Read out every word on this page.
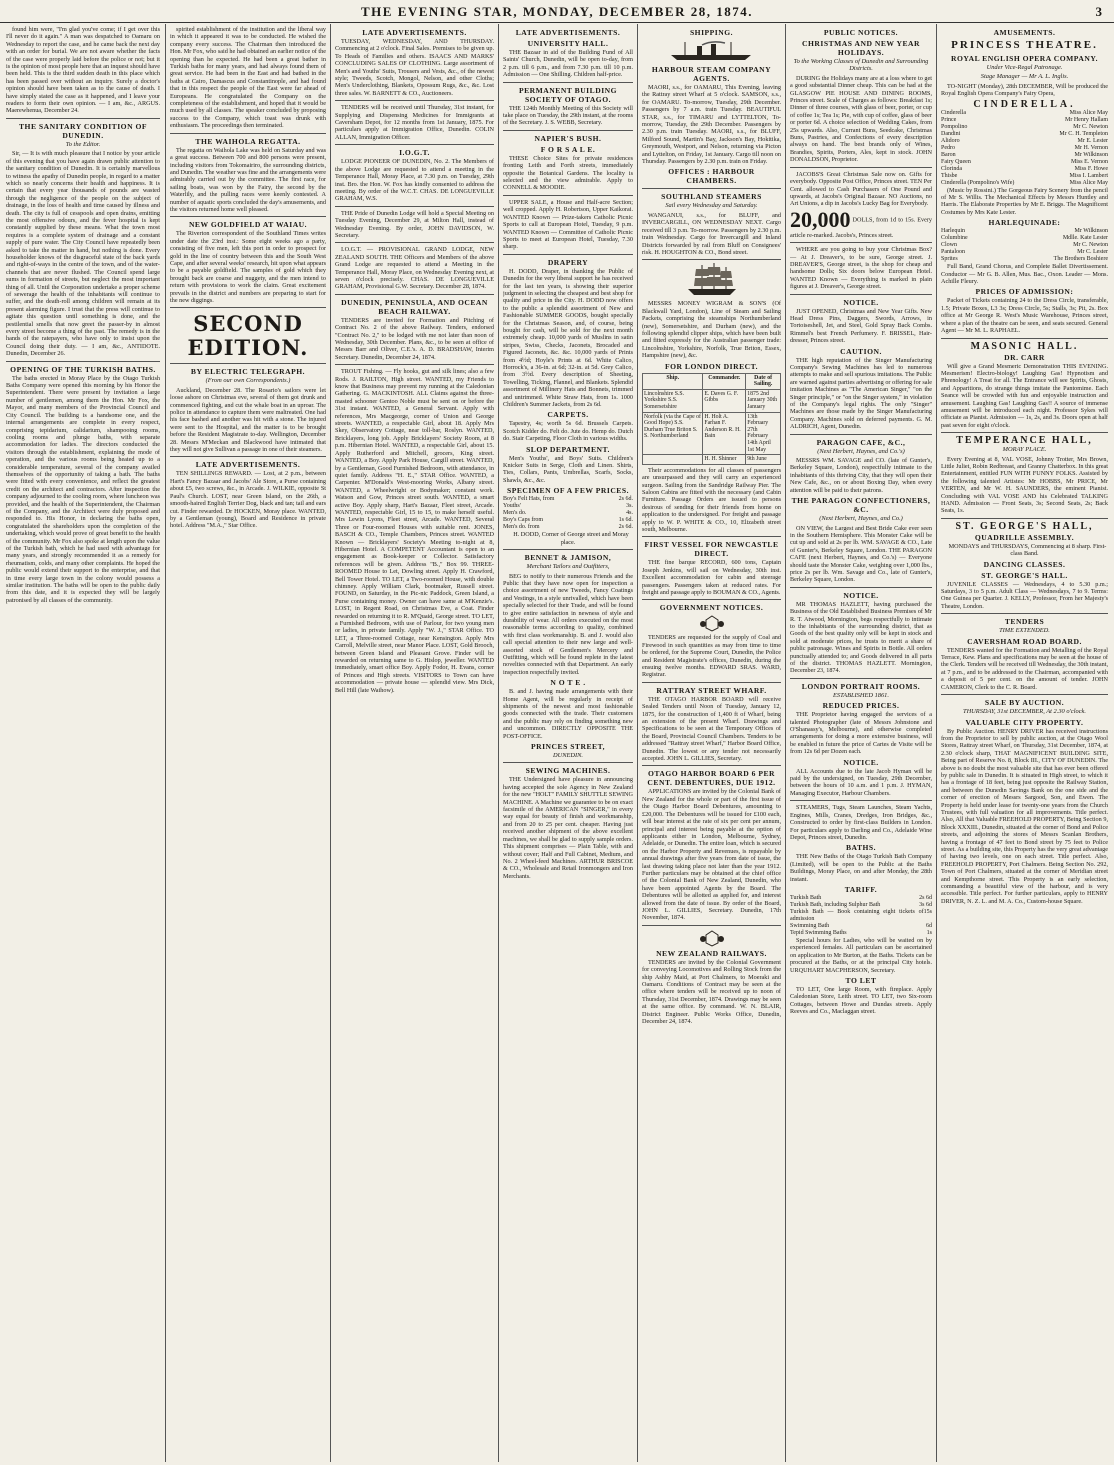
THE EVENING STAR, MONDAY, DECEMBER 28, 1874.	3

found him were, "I'm glad you've come; if I get over this I'll never do it again." A man was despatched to Oamaru on Wednesday to report the case, and he came back the next day with an order for burial. We are not aware whether the facts of the case were properly laid before the police or not; but it is the opinion of most people here that an inquest should have been held. This is the third sudden death in this place which has been passed over without an inquiry. Surely a doctor's opinion should have been taken as to the cause of death. I have simply stated the case as it happened, and I leave your readers to form their own opinion. — I am, &c., ARGUS. Maerewhenua, December 24.

THE SANITARY CONDITION OF DUNEDIN.
To the Editor.

Sir, — It is with much pleasure that I notice by your article of this evening that you have again drawn public attention to the sanitary condition of Dunedin. It is certainly marvellous to witness the apathy of Dunedin people, in regard to a matter which so nearly concerns their health and happiness. It is certain that every year thousands of pounds are wasted through the negligence of the people on the subject of drainage, in the loss of health and time caused by illness and death. The city is full of cesspools and open drains, emitting the most offensive odours, and the fever hospital is kept constantly supplied by these means. What the town most requires is a complete system of drainage and a constant supply of pure water. The City Council have repeatedly been asked to take the matter in hand, but nothing is done. Every householder knows of the disgraceful state of the back yards and right-of-ways in the centre of the town, and of the water-channels that are never flushed. The Council spend large sums in formation of streets, but neglect the most important thing of all. Until the Corporation undertake a proper scheme of sewerage the health of the inhabitants will continue to suffer, and the death-roll among children will remain at its present alarming figure. I trust that the press will continue to agitate this question until something is done, and the pestilential smells that now greet the passer-by in almost every street become a thing of the past. The remedy is in the hands of the ratepayers, who have only to insist upon the Council doing their duty. — I am, &c., ANTIDOTE. Dunedin, December 26.

OPENING OF THE TURKISH BATHS.

The baths erected in Moray Place by the Otago Turkish Baths Company were opened this morning by his Honor the Superintendent. There were present by invitation a large number of gentlemen, among them the Hon. Mr Fox, the Mayor, and many members of the Provincial Council and City Council. The building is a handsome one, and the internal arrangements are complete in every respect, comprising tepidarium, calidarium, shampooing rooms, cooling rooms and plunge baths, with separate accommodation for ladies. The directors conducted the visitors through the establishment, explaining the mode of operation, and the various rooms being heated up to a considerable temperature, several of the company availed themselves of the opportunity of taking a bath. The baths were fitted with every convenience, and reflect the greatest credit on the architect and contractors. After inspection the company adjourned to the cooling room, where luncheon was provided, and the health of the Superintendent, the Chairman of the Company, and the Architect were duly proposed and responded to. His Honor, in declaring the baths open, congratulated the shareholders upon the completion of the undertaking, which would prove of great benefit to the health of the community. Mr Fox also spoke at length upon the value of the Turkish bath, which he had used with advantage for many years, and strongly recommended it as a remedy for rheumatism, colds, and many other complaints. He hoped the public would extend their support to the enterprise, and that in time every large town in the colony would possess a similar institution. The baths will be open to the public daily from this date, and it is expected they will be largely patronised by all classes of the community.

spirited establishment of the institution and the liberal way in which it appeared it was to be conducted. He wished the company every success. The Chairman then introduced the Hon. Mr Fox, who said he had obtained an earlier notice of the opening than he expected. He had been a great bather in Turkish baths for many years, and had always found them of great service. He had been in the East and had bathed in the baths at Cairo, Damascus and Constantinople, and had found that in this respect the people of the East were far ahead of Europeans. He congratulated the Company on the completeness of the establishment, and hoped that it would be much used by all classes. The speaker concluded by proposing success to the Company, which toast was drunk with enthusiasm. The proceedings then terminated.

THE WAIHOLA REGATTA.

The regatta on Waihola Lake was held on Saturday and was a great success. Between 700 and 800 persons were present, including visitors from Tokomairiro, the surrounding districts, and Dunedin. The weather was fine and the arrangements were admirably carried out by the committee. The first race, for sailing boats, was won by the Fairy, the second by the Waterlily, and the pulling races were keenly contested. A number of aquatic sports concluded the day's amusements, and the visitors returned home well pleased.

NEW GOLDFIELD AT WAIAU.

The Riverton correspondent of the Southland Times writes under date the 23rd inst.: Some eight weeks ago a party, consisting of five men, left this port in order to prospect for gold in the line of country between this and the South West Cape, and after several weeks' research, hit upon what appears to be a payable goldfield. The samples of gold which they brought back are coarse and nuggety, and the men intend to return with provisions to work the claim. Great excitement prevails in the district and numbers are preparing to start for the new diggings.

SECOND EDITION.
BY ELECTRIC TELEGRAPH.
(From our own Correspondents.)

Auckland, December 28. The Rosario's sailors were let loose ashore on Christmas eve, several of them got drunk and commenced fighting, and cut the whale boat in an uproar. The police in attendance to capture them were maltreated. One had his face bashed and another was hit with a stone. The injured were sent to the Hospital, and the matter is to be brought before the Resident Magistrate to-day. Wellington, December 28. Messrs M'Meckan and Blackwood have intimated that they will not give Sullivan a passage in one of their steamers.

LATE ADVERTISEMENTS.

TEN SHILLINGS REWARD. — Lost, at 2 p.m., between Hart's Fancy Bazaar and Jacobs' Ale Store, a Purse containing about £5, two screws, &c., in Arcade. J. WILKIE, opposite St Paul's Church. LOST, near Green Island, on the 26th, a smooth-haired English Terrier Dog, black and tan; tail and ears cut. Finder rewarded. Dr HOCKEN, Moray place. WANTED, by a Gentleman (young), Board and Residence in private hotel. Address "M.A.," Star Office.

LATE ADVERTISEMENTS.

TUESDAY, WEDNESDAY, AND THURSDAY. Commencing at 2 o'clock. Final Sales. Premises to be given up. To Heads of Families and others. ISAACS AND MARKS' CONCLUDING SALES OF CLOTHING. Large assortment of Men's and Youths' Suits, Trousers and Vests, &c., of the newest style; Tweeds, Scotch, Mongol, Nelson, and other Cloths; Men's Underclothing, Blankets, Opossum Rugs, &c., &c. Lost three sales. W. BARNETT & CO., Auctioneers.

TENDERS will be received until Thursday, 31st instant, for Supplying and Dispensing Medicines for Immigrants at Caversham Depot, for 12 months from 1st January, 1875. For particulars apply at Immigration Office, Dunedin. COLIN ALLAN, Immigration Officer.

I.O.G.T.

LODGE PIONEER OF DUNEDIN, No. 2. The Members of the above Lodge are requested to attend a meeting in the Temperance Hall, Moray Place, at 7.30 p.m. on Tuesday, 29th inst. Bro. the Hon. W. Fox has kindly consented to address the meeting. By order of the W.C.T. CHAS. DE LONGUEVILLE GRAHAM, W.S.

THE Pride of Dunedin Lodge will hold a Special Meeting on Tuesday Evening, December 29, at Milton Hall, instead of Wednesday Evening. By order, JOHN DAVIDSON, W. Secretary.

I.O.G.T. — PROVISIONAL GRAND LODGE, NEW ZEALAND SOUTH. THE Officers and Members of the above Grand Lodge are requested to attend a Meeting in the Temperance Hall, Moray Place, on Wednesday Evening next, at seven o'clock precisely. CHAS. DE LONGUEVILLE GRAHAM, Provisional G.W. Secretary. December 28, 1874.

DUNEDIN, PENINSULA, AND OCEAN BEACH RAILWAY.

TENDERS are invited for Formation and Pitching of Contract No. 2 of the above Railway. Tenders, endorsed "Contract No. 2," to be lodged with me not later than noon of Wednesday, 30th December. Plans, &c., to be seen at office of Messrs Barr and Oliver, C.E.'s. A. D. BRADSHAW, Interim Secretary. Dunedin, December 24, 1874.

TROUT Fishing. — Fly hooks, gut and silk lines; also a few Rods. J. RAILTON, High street. WANTED, my Friends to know that Business may prevent my running at the Caledonian Gathering. G. MACKINTOSH. ALL Claims against the three-masted schooner Gentoo Noble must be sent on or before the 31st instant. WANTED, a General Servant. Apply with references, Mrs Macgeorge, corner of Union and George streets. WANTED, a respectable Girl, about 18. Apply Mrs Skey, Observatory Cottage, near toll-bar, Roslyn. WANTED, Bricklayers, long job. Apply Bricklayers' Society Room, at 8 p.m. Hibernian Hotel. WANTED, a respectable Girl, about 15. Apply Rutherford and Mitchell, grocers, King street. WANTED, a Boy. Apply Park House, Cargill street. WANTED, by a Gentleman, Good Furnished Bedroom, with attendance, in quiet family. Address "H. E.," STAR Office. WANTED, a Carpenter. M'Donald's West-mooring Works, Albany street. WANTED, a Wheelwright or Bodymaker; constant work. Watson and Gow, Princes street south. WANTED, a smart active Boy. Apply sharp, Hart's Bazaar, Fleet street, Arcade. WANTED, respectable Girl, 15 to 15, to make herself useful. Mrs Lewin Lyons, Fleet street, Arcade. WANTED, Several Three or Four-roomed Houses with suitable rent. JONES, BASCH & CO., Temple Chambers, Princes street. WANTED Known — Bricklayers' Society's Meeting to-night at 8, Hibernian Hotel. A COMPETENT Accountant is open to an engagement as Book-keeper or Collector. Satisfactory references will be given. Address "B.," Box 99. THREE-ROOMED House to Let, Dowling street. Apply H. Crawford, Bell Tower Hotel. TO LET, a Two-roomed House, with double chimney. Apply William Clark, bootmaker, Russell street. FOUND, on Saturday, in the Pic-nic Paddock, Green Island, a Purse containing money. Owner can have same at M'Kenzie's. LOST, in Regent Road, on Christmas Eve, a Coat. Finder rewarded on returning it to R. M'Quaid, George street. TO LET, a Furnished Bedroom, with use of Parlour, for two young men or ladies, in private family. Apply "W. J.," STAR Office. TO LET, a Three-roomed Cottage, near Kensington. Apply Mrs Carroll, Melville street, near Manor Place. LOST, Gold Brooch, between Green Island and Pleasant Grove. Finder will be rewarded on returning same to G. Hislop, jeweller. WANTED immediately, smart office Boy. Apply Fodor, H. Evans, corner of Princes and High streets. VISITORS to Town can have accommodation — private house — splendid view. Mrs Dick, Bell Hill (late Waihow).

LATE ADVERTISEMENTS.
UNIVERSITY HALL.

THE Bazaar in aid of the Building Fund of All Saints' Church, Dunedin, will be open to-day, from 2 p.m. till 6 p.m., and from 7.30 p.m. till 10 p.m. Admission — One Shilling. Children half-price.

PERMANENT BUILDING SOCIETY OF OTAGO.

THE 124th Monthly Meeting of this Society will take place on Tuesday, the 29th instant, at the rooms of the Secretary. J. S. WEBB, Secretary.

NAPIER'S BUSH.
F O R S A L E.

THESE Choice Sites for private residences fronting Leith and Forth streets, immediately opposite the Botanical Gardens. The locality is selected and the view admirable. Apply to CONNELL & MOODIE.

UPPER SALE, a House and Half-acre Section; well cropped. Apply H. Robertson, Upper Kaikorai. WANTED Known — Prize-takers Catholic Picnic Sports to call at European Hotel, Tuesday, 9 p.m. WANTED Known — Committee of Catholic Picnic Sports to meet at European Hotel, Tuesday, 7.30 sharp.

DRAPERY

H. DODD, Draper, in thanking the Public of Dunedin for the very liberal support he has received for the last ten years, is showing their superior judgment in selecting the cheapest and best shop for quality and price in the City. H. DODD now offers to the public a splendid assortment of New and Fashionable SUMMER GOODS, bought specially for the Christmas Season, and, of course, being bought for cash, will be sold for the next month extremely cheap. 10,000 yards of Muslins in satin stripes, Swiss, Checks, Jaconets, Brocaded and Figured Jaconets, &c. &c. 10,000 yards of Prints from 4½d; Hoyle's Prints at 6d. White Calico, Horrock's, a 36-in. at 6d; 32-in. at 5d. Grey Calico, from 3½d. Every description of Sheeting, Towelling, Ticking, Flannel, and Blankets. Splendid assortment of Millinery Hats and Bonnets, trimmed and untrimmed. White Straw Hats, from 1s. 1000 Children's Summer Jackets, from 2s 6d.

CARPETS.

Tapestry, 4s; worth 5s 6d. Brussels Carpets. Scotch Kidder do. Felt do. Jute do. Hemp do. Dutch do. Stair Carpeting, Floor Cloth in various widths.

SLOP DEPARTMENT.

Men's Youths', and Boys' Suits. Children's Knicker Suits in Serge, Cloth and Linen. Shirts, Ties, Collars, Pants, Umbrellas, Scarfs, Socks, Shawls, &c., &c.

SPECIMEN OF A FEW PRICES.
Boy's Felt Hats, from	2s 6d.
Youths'	3s.
Men's do.	4s.
Boy's Caps from	1s 6d.
Men's do. from	2s 6d.

H. DODD, Corner of George street and Moray place.

BENNET & JAMISON,
Merchant Tailors and Outfitters,

BEG to notify to their numerous Friends and the Public that they have now open for inspection a choice assortment of new Tweeds, Fancy Coatings and Vestings, in a style unrivalled, which have been specially selected for their Trade, and will be found to give entire satisfaction in newness of style and durability of wear. All orders executed on the most reasonable terms according to quality, combined with first class workmanship. B. and J. would also call special attention to their new large and well-assorted stock of Gentlemen's Mercery and Outfitting, which will be found replete in the latest novelties connected with that Department. An early inspection respectfully invited.

N O T E .

B. and J. having made arrangements with their Home Agent, will be regularly in receipt of shipments of the newest and most fashionable goods connected with the trade. Their customers and the public may rely on finding something new and uncommon. DIRECTLY OPPOSITE THE POST-OFFICE.

PRINCES STREET,
DUNEDIN.
SEWING MACHINES.

THE Undersigned have pleasure in announcing having accepted the sole Agency in New Zealand for the new "HOLT" FAMILY SHUTTLE SEWING MACHINE. A Machine we guarantee to be on exact facsimile of the AMERICAN "SINGER," in every way equal for beauty of finish and workmanship, and from 20 to 25 per cent. cheaper. Having just received another shipment of the above excellent machines, we shall be glad to supply sample orders. This shipment comprises — Plain Table, with and without cover; Half and Full Cabinet, Medium, and No. 2 Wheel-feed Machines. ARTHUR BRISCOE & CO., Wholesale and Retail Ironmongers and Iron Merchants.

SHIPPING.
HARBOUR STEAM COMPANY AGENTS.

MAORI, s.s., for OAMARU, This Evening, leaving the Rattray street Wharf at 5 o'clock. SAMSON, s.s., for OAMARU. To-morrow, Tuesday, 29th December. Passengers by 7 a.m. train Tuesday. BEAUTIFUL STAR, s.s., for TIMARU and LYTTELTON, To-morrow, Tuesday, the 29th December. Passengers by 2.30 p.m. train Tuesday. MAORI, s.s., for BLUFF, Milford Sound, Martin's Bay, Jackson's Bay, Hokitika, Greymouth, Westport, and Nelson, returning via Picton and Lyttelton, on Friday, 1st January. Cargo till noon on Thursday. Passengers by 2.30 p.m. train on Friday.

OFFICES : HARBOUR CHAMBERS.
SOUTHLAND STEAMERS
Sail every Wednesday and Saturday.

WANGANUI, s.s., for BLUFF, and INVERCARGILL, ON WEDNESDAY NEXT. Cargo received till 3 p.m. To-morrow. Passengers by 2.30 p.m. train Wednesday. Cargo for Invercargill and Inland Districts forwarded by rail from Bluff on Consignees' risk. H. HOUGHTON & CO., Bond street.

MESSRS MONEY WIGRAM & SON'S (Of Blackwall Yard, London), Line of Steam and Sailing Packets, comprising the steamships Northumberland (new), Somersetshire, and Durham (new), and the following splendid clipper ships, which have been built and fitted expressly for the Australian passenger trade: Lincolnshire, Yorkshire, Norfolk, True Briton, Essex, Hampshire (new), &c.

FOR LONDON DIRECT.
Ship.	Commander.	Date of Sailing.
Lincolnshire S.S. Yorkshire S.S. Somersetshire	E. Daves G. F. Gibbs	1875 2nd January 30th January
Norfolk (via the Cape of Good Hope) S.S. Durham True Briton S. S. Northumberland	H. Holt A. Farhan F. Anderson R. H. Bain	13th February 27th February 14th April 1st May
	H. H. Shinner	9th June

Their accommodations for all classes of passengers are unsurpassed and they will carry an experienced surgeon. Sailing from the Sandridge Railway Pier. The Saloon Cabins are fitted with the necessary (and Cabin Furniture. Passage Orders are issued to persons desirous of sending for their friends from home on application to the undersigned. For freight and passage apply to W. P. WHITE & CO., 10, Elizabeth street south, Melbourne.

FIRST VESSEL FOR NEWCASTLE DIRECT.

THE fine barque RECORD, 600 tons, Captain Joseph Jenkins, will sail on Wednesday, 30th inst. Excellent accommodation for cabin and steerage passengers. Passengers taken at reduced rates. For freight and passage apply to BOUMAN & CO., Agents.

GOVERNMENT NOTICES.

TENDERS are requested for the supply of Coal and Firewood in such quantities as may from time to time be ordered, for the Supreme Court, Dunedin, the Police and Resident Magistrate's offices, Dunedin, during the ensuing twelve months. EDWARD SRAS. WARD, Registrar.

RATTRAY STREET WHARF.

THE OTAGO HARBOR BOARD will receive Sealed Tenders until Noon of Tuesday, January 12, 1875, for the construction of 1,400 ft of Wharf, being an extension of the present Wharf. Drawings and Specifications to be seen at the Temporary Offices of the Board, Provincial Council Chambers. Tenders to be addressed "Rattray street Wharf," Harbor Board Office, Dunedin. The lowest or any tender not necessarily accepted. JOHN L. GILLIES, Secretary.

OTAGO HARBOR BOARD 6 PER CENT. DEBENTURES, DUE 1912.

APPLICATIONS are invited by the Colonial Bank of New Zealand for the whole or part of the first issue of the Otago Harbor Board Debentures, amounting to £20,000. The Debentures will be issued for £100 each, will bear interest at the rate of six per cent per annum, principal and interest being payable at the option of applicants either in London, Melbourne, Sydney, Adelaide, or Dunedin. The entire loan, which is secured on the Harbor Property and Revenues, is repayable by annual drawings after five years from date of issue, the last drawing taking place not later than the year 1912. Further particulars may be obtained at the chief office of the Colonial Bank of New Zealand, Dunedin, who have been appointed Agents by the Board. The Debentures will be allotted as applied for, and interest allowed from the date of issue. By order of the Board, JOHN L. GILLIES, Secretary. Dunedin, 17th November, 1874.

NEW ZEALAND RAILWAYS.

TENDERS are invited by the Colonial Government for conveying Locomotives and Rolling Stock from the ship Ashby Maid, at Port Chalmers, to Moeraki and Oamaru. Conditions of Contract may be seen at the office where tenders will be received up to noon of Thursday, 31st December, 1874. Drawings may be seen at the same office. By command. W. N. BLAIR, District Engineer. Public Works Office, Dunedin, December 24, 1874.

PUBLIC NOTICES.
CHRISTMAS AND NEW YEAR HOLIDAYS.
To the Working Classes of Dunedin and Surrounding Districts.

DURING the Holidays many are at a loss where to get a good substantial Dinner cheap. This can be had at the GLASGOW PIE HOUSE AND DINING ROOMS, Princes street. Scale of Charges as follows: Breakfast 1s; Dinner of three courses, with glass of beer, porter, or cup of coffee 1s; Tea 1s; Pie, with cup of coffee, glass of beer or porter 6d. A choice selection of Wedding Cakes, from 25s upwards. Also, Currant Buns, Seedcake, Christmas Buns, Pastries, and Confections of every description always on hand. The best brands only of Wines, Brandies, Spirits, Porters, Ales, kept in stock. JOHN DONALDSON, Proprietor.

JACOBS'S Great Christmas Sale now on. Gifts for everybody. Opposite Post Office, Princes street. TEN Per Cent. allowed to Cash Purchasers of One Pound and upwards, at Jacobs's Original Bazaar. NO Auctions, no Art Unions, a dip in Jacobs's Lucky Bag for Everybody.

20,000 DOLLS, from 1d to 15s. Every article re-marked. Jacobs's, Princes street.

WHERE are you going to buy your Christmas Box? — At J. Dreaver's, to be sure, George street. J. DREAVER'S, George street, is the shop for cheap and handsome Dolls; Six doors below European Hotel. WANTED Known — Everything is marked in plain figures at J. Dreaver's, George street.

NOTICE.

JUST OPENED, Christmas and New Year Gifts. New Head Dress Pins, Daggers, Swords, Arrows, in Tortoiseshell, Jet, and Steel, Gold Spray Back Combs. Rimmel's best French Perfumery. F. BRISSEL, Hair-dresser, Princes street.

CAUTION.

THE high reputation of the Singer Manufacturing Company's Sewing Machines has led to numerous attempts to make and sell spurious imitations. The Public are warned against parties advertising or offering for sale imitation Machines as "The American Singer," "on the Singer principle," or "on the Singer system," in violation of the Company's legal rights. The only "Singer" Machines are those made by the Singer Manufacturing Company. Machines sold on deferred payments. G. M. ALDRICH, Agent, Dunedin.

PARAGON CAFE, &C.,
(Next Herbert, Haynes, and Co.'s)

MESSRS WM. SAVAGE and CO. (late of Gunter's, Berkeley Square, London), respectfully intimate to the inhabitants of this thriving City, that they will open their New Cafe, &c., on or about Boxing Day, when every attention will be paid to their patrons.

THE PARAGON CONFECTIONERS, &C.
(Next Herbert, Haynes, and Co.)

ON VIEW, the Largest and Best Bride Cake ever seen in the Southern Hemisphere. This Monster Cake will be cut up and sold at 2s per lb. WM. SAVAGE & CO., Late of Gunter's, Berkeley Square, London. THE PARAGON CAFE (next Herbert, Haynes, and Co.'s) — Everyone should taste the Monster Cake, weighing over 1,000 lbs., price 2s per lb. Wm. Savage and Co., late of Gunter's, Berkeley Square, London.

NOTICE.

MR THOMAS HAZLETT, having purchased the Business of the Old Established Business Premises of Mr R. T. Atwood, Mornington, begs respectfully to intimate to the inhabitants of the surrounding district, that as Goods of the best quality only will be kept in stock and sold at moderate prices, he trusts to merit a share of public patronage. Wines and Spirits in Bottle. All orders punctually attended to; and Goods delivered in all parts of the district. THOMAS HAZLETT. Mornington, December 23, 1874.

LONDON PORTRAIT ROOMS.
ESTABLISHED 1861.
REDUCED PRICES.

THE Proprietor having engaged the services of a talented Photographer (late of Messrs Johnstone and O'Shanassy's, Melbourne), and otherwise completed arrangements for doing a more extensive business, will be enabled in future the price of Cartes de Visite will be from 12s 6d per Dozen each.

NOTICE.

ALL Accounts due to the late Jacob Hyman will be paid by the undersigned, on Tuesday, 29th December, between the hours of 10 a.m. and 1 p.m. J. HYMAN, Managing Executor, Harbour Chambers.

STEAMERS, Tugs, Steam Launches, Steam Yachts, Engines, Mills, Cranes, Dredges, Iron Bridges, &c., Constructed to order by first-class Builders in London. For particulars apply to Darling and Co., Adelaide Wine Depot, Princes street, Dunedin.

BATHS.

THE New Baths of the Otago Turkish Bath Company (Limited), will be open to the Public at the Baths Buildings, Moray Place, on and after Monday, the 28th instant.

TARIFF.
Turkish Bath	2s 6d
Turkish Bath, including Sulphur Bath	3s 6d
Turkish Bath — Book containing eight tickets of admission
15s
Swimming Bath	6d
Tepid Swimming Baths	1s

Special hours for Ladies, who will be waited on by experienced females. All particulars can be ascertained on application to Mr Burton, at the Baths. Tickets can be procured at the Baths, or at the principal City hotels. URQUHART MACPHERSON, Secretary.

TO LET

TO LET, One large Room, with fireplace. Apply Caledonian Store, Leith street. TO LET, two Six-room Cottages, between Howe and Dundas streets. Apply Reeves and Co., Maclaggan street.

AMUSEMENTS.
PRINCESS THEATRE.
ROYAL ENGLISH OPERA COMPANY.
Under Vice-Regal Patronage.
Stage Manager — Mr A. L. Inglis.

TO-NIGHT (Monday), 28th DECEMBER, Will be produced the Royal English Opera Company's Fairy Opera,

CINDERELLA.
Cinderella	Miss Alice May
Prince	Mr Henry Hallam
Pompolino	Mr C. Newton
Dandini	Mr C. H. Templeton
Alidoro	Mr E. Lester
Pedro	Mr H. Vernon
Baron	Mr Wilkinson
Fairy Queen	Miss E. Vernon
Clorinda	Miss F. Howe
Thisbe	Miss I. Lambert
Cinderella (Pompolino's Wife)	Miss Alice May

(Music by Rossini.) The Gorgeous Fairy Scenery from the pencil of Mr S. Willis. The Mechanical Effects by Messrs Huntley and Harris. The Elaborate Properties by Mr E. Briggs. The Magnificent Costumes by Mrs Kate Lester.

HARLEQUINADE:
Harlequin	Mr Wilkinson
Columbine	Mdlle. Kate Lester
Clown	Mr C. Newton
Pantaloon	Mr C. Lester
Sprites	The Brothers Boshiere

Full Band, Grand Chorus, and Complete Ballet Divertissement. Conductor — Mr G. B. Allen, Mus. Bac., Oxon. Leader — Mons. Achille Fleury.

PRICES OF ADMISSION:

Packet of Tickets containing 24 to the Dress Circle, transferable, 1.5; Private Boxes, L3 3s; Dress Circle, 5s; Stalls, 3s; Pit, 2s. Box office at Mr George R. West's Music Warehouse, Princes street, where a plan of the theatre can be seen, and seats secured. General Agent — Mr M. L. RAPHAEL.

MASONIC HALL.
DR. CARR

Will give a Grand Mesmeric Demonstration THIS EVENING. Mesmerism! Electro-biology! Laughing Gas! Hypnotism and Phrenology! A Treat for all. The Entrance will see Spirits, Ghosts, and Apparitions, do strange things imitate the Pantomime. Each Seance will be crowded with fun and enjoyable instruction and amusement. Laughing Gas! Laughing Gas!! A source of immense amusement will be introduced each night. Professor Sykes will officiate as Pianist. Admission — 1s, 2s, and 3s. Doors open at half past seven for eight o'clock.

TEMPERANCE HALL,
MORAY PLACE.

Every Evening at 8, VAL VOSE, Johnny Trotter, Mrs Brown, Little Juliet, Robin Redbreast, and Granny Chatterbox. In this great Entertainment, entitled FUN WITH FUNNY FOLKS. Assisted by the following talented Artistes: Mr HOBBS, Mr PRICE, Mr VERTEN, and Mr W. H. SAUNDERS, the eminent Pianist. Concluding with VAL VOSE AND his Celebrated TALKING HAND. Admission — Front Seats, 3s; Second Seats, 2s; Back Seats, 1s.

ST. GEORGE'S HALL,
QUADRILLE ASSEMBLY.

MONDAYS and THURSDAYS, Commencing at 8 sharp. First-class Band.

DANCING CLASSES.
ST. GEORGE'S HALL.

JUVENILE CLASSES — Wednesdays, 4 to 5.30 p.m.; Saturdays, 3 to 5 p.m. Adult Class — Wednesdays, 7 to 9. Terms: One Guinea per Quarter. J. KELLY, Professor, From her Majesty's Theatre, London.

TENDERS
TIME EXTENDED.
CAVERSHAM ROAD BOARD.

TENDERS wanted for the Formation and Metalling of the Royal Terrace, Kew. Plans and specifications may be seen at the house of the Clerk. Tenders will be received till Wednesday, the 30th instant, at 7 p.m., and to be addressed to the Chairman, accompanied with a deposit of 5 per cent. on the amount of tender. JOHN CAMERON, Clerk to the C. R. Board.

SALE BY AUCTION.
THURSDAY, 31st DECEMBER, At 2.30 o'clock.
VALUABLE CITY PROPERTY.

By Public Auction. HENRY DRIVER has received instructions from the Proprietor to sell by public auction, at the Otago Wool Stores, Rattray street Wharf, on Thursday, 31st December, 1874, at 2.30 o'clock sharp, THAT MAGNIFICENT BUILDING SITE, Being part of Reserve No. 8, Block III., CITY OF DUNEDIN. The above is no doubt the most valuable site that has ever been offered by public sale in Dunedin. It is situated in High street, to which it has a frontage of 18 feet, being just opposite the Railway Station, and between the Dunedin Savings Bank on the one side and the corner of erection of Messrs Sargood, Son, and Ewen. The Property is held under lease for twenty-one years from the Church Trustees, with full valuation for all improvements. Title perfect. Also, All that Valuable FREEHOLD PROPERTY, Being Section 9, Block XXXIII., Dunedin, situated at the corner of Bond and Police streets, and adjoining the stores of Messrs Scanlan Brothers, having a frontage of 47 feet to Bond street by 75 feet to Police street. As a building site, this Property has the very great advantage of having two levels, one on each street. Title perfect. Also, FREEHOLD PROPERTY, Port Chalmers. Being Section No. 292, Town of Port Chalmers, situated at the corner of Meridian street and Kempthorne street. This Property is an early selection, commanding a beautiful view of the harbour, and is very accessible. Title perfect. For further particulars, apply to HENRY DRIVER, N. Z. L. and M. A. Co., Custom-house Square.
